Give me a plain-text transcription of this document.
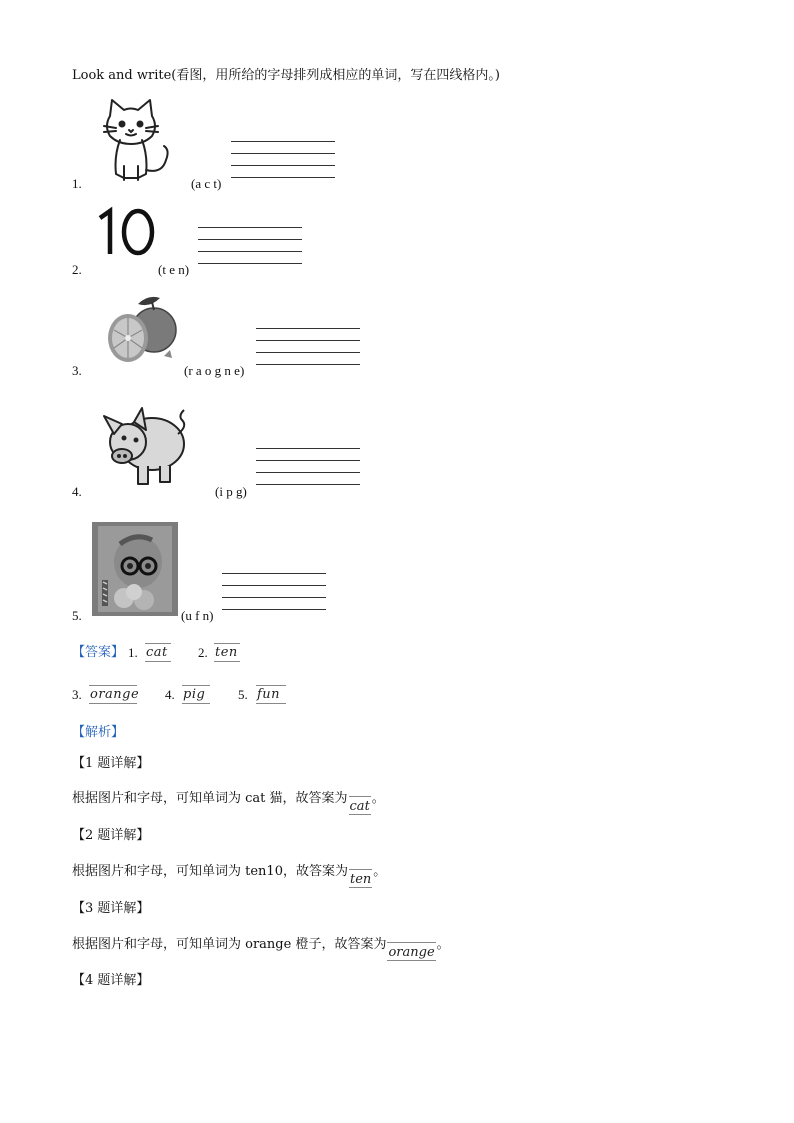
Look and write(看图，用所给的字母排列成相应的单词，写在四线格内。)
1.	(a c t)
2.	(t e n)
3.	(r a o g n e)
4.	(i p g)
5.	(u f n)
【答案】 1. cat 2. ten
3. orange 4. pig	5. fun
【解析】
【1 题详解】
根据图片和字母，可知单词为 cat 猫，故答案为
cat。
【2 题详解】
根据图片和字母，可知单词为 ten10，故答案为
ten。
【3 题详解】
根据图片和字母，可知单词为 orange 橙子，故答案为
orange。
【4 题详解】
